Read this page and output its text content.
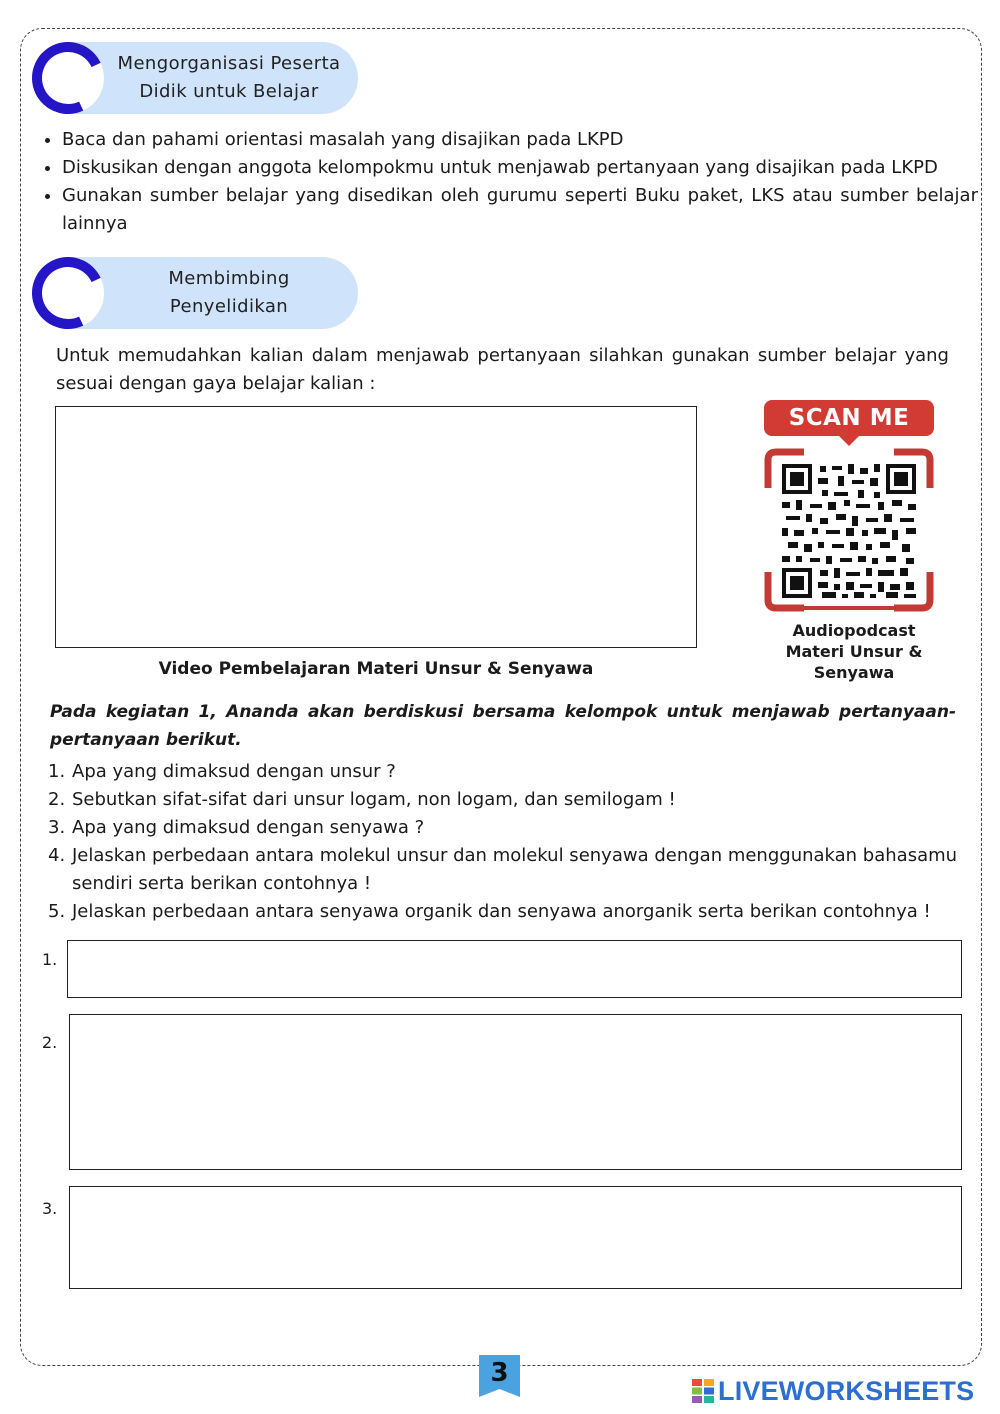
Mengorganisasi Peserta
Didik untuk Belajar
• Baca dan pahami orientasi masalah yang disajikan pada LKPD
• Diskusikan dengan anggota kelompokmu untuk menjawab pertanyaan yang disajikan pada LKPD
• Gunakan sumber belajar yang disedikan oleh gurumu seperti Buku paket, LKS atau sumber belajar lainnya
Membimbing
Penyelidikan

Untuk memudahkan kalian dalam menjawab pertanyaan silahkan gunakan sumber belajar yang sesuai dengan gaya belajar kalian :

Video Pembelajaran Materi Unsur & Senyawa
SCAN ME
Audiopodcast
Materi Unsur &
Senyawa

Pada kegiatan 1, Ananda akan berdiskusi bersama kelompok untuk menjawab pertanyaan-pertanyaan berikut.

1. Apa yang dimaksud dengan unsur ?
2. Sebutkan sifat-sifat dari unsur logam, non logam, dan semilogam !
3. Apa yang dimaksud dengan senyawa ?
4. Jelaskan perbedaan antara molekul unsur dan molekul senyawa dengan menggunakan bahasamu sendiri serta berikan contohnya !
5. Jelaskan perbedaan antara senyawa organik dan senyawa anorganik serta berikan contohnya !
1.
2.
3.
3
LIVEWORKSHEETS
